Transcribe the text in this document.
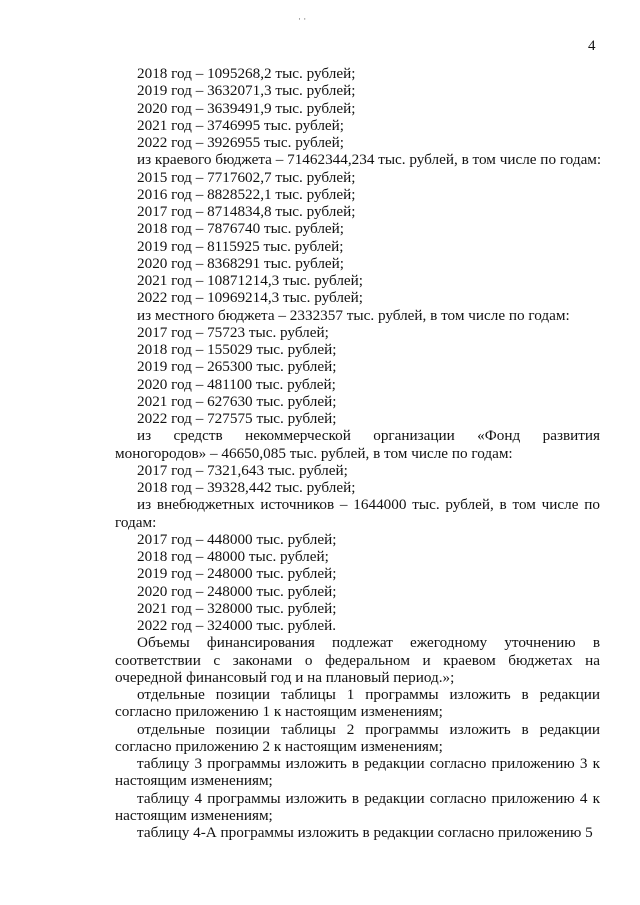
· ·
4
2018 год – 1095268,2 тыс. рублей;
2019 год – 3632071,3 тыс. рублей;
2020 год – 3639491,9 тыс. рублей;
2021 год – 3746995 тыс. рублей;
2022 год – 3926955 тыс. рублей;
из краевого бюджета – 71462344,234 тыс. рублей, в том числе по годам:
2015 год – 7717602,7 тыс. рублей;
2016 год – 8828522,1 тыс. рублей;
2017 год – 8714834,8 тыс. рублей;
2018 год – 7876740 тыс. рублей;
2019 год – 8115925 тыс. рублей;
2020 год – 8368291 тыс. рублей;
2021 год – 10871214,3 тыс. рублей;
2022 год – 10969214,3 тыс. рублей;
из местного бюджета – 2332357 тыс. рублей, в том числе по годам:
2017 год – 75723 тыс. рублей;
2018 год – 155029 тыс. рублей;
2019 год – 265300 тыс. рублей;
2020 год – 481100 тыс. рублей;
2021 год – 627630 тыс. рублей;
2022 год – 727575 тыс. рублей;
из средств некоммерческой организации «Фонд развития моногородов» – 46650,085 тыс. рублей, в том числе по годам:
2017 год – 7321,643 тыс. рублей;
2018 год – 39328,442 тыс. рублей;
из внебюджетных источников – 1644000 тыс. рублей, в том числе по годам:
2017 год – 448000 тыс. рублей;
2018 год – 48000 тыс. рублей;
2019 год – 248000 тыс. рублей;
2020 год – 248000 тыс. рублей;
2021 год – 328000 тыс. рублей;
2022 год – 324000 тыс. рублей.
Объемы финансирования подлежат ежегодному уточнению в соответствии с законами о федеральном и краевом бюджетах на очередной финансовый год и на плановый период.»;
отдельные позиции таблицы 1 программы изложить в редакции согласно приложению 1 к настоящим изменениям;
отдельные позиции таблицы 2 программы изложить в редакции согласно приложению 2 к настоящим изменениям;
таблицу 3 программы изложить в редакции согласно приложению 3 к настоящим изменениям;
таблицу 4 программы изложить в редакции согласно приложению 4 к настоящим изменениям;
таблицу 4-А программы изложить в редакции согласно приложению 5
